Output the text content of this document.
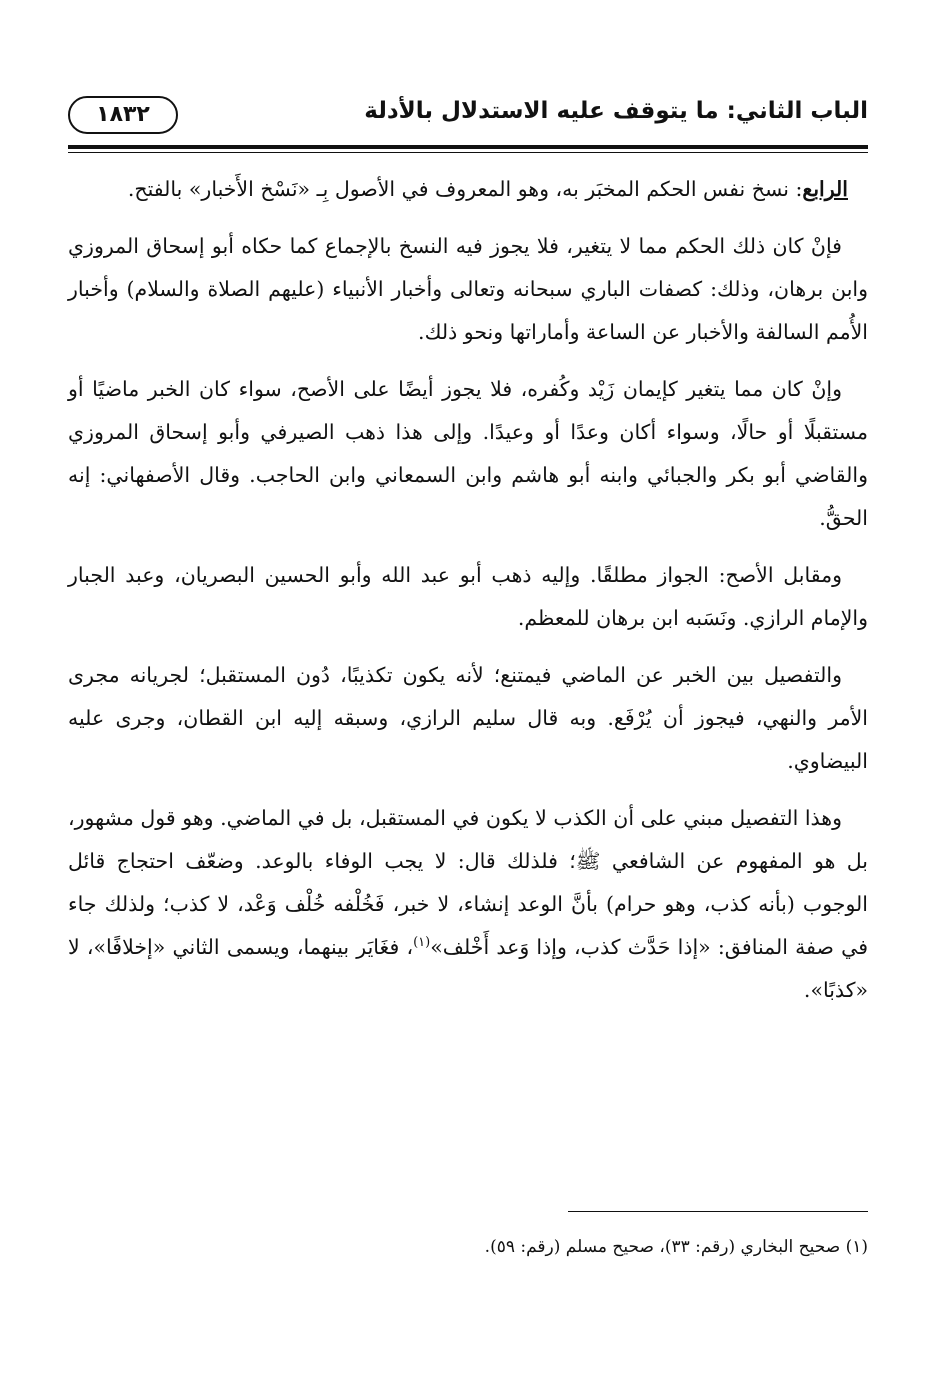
الباب الثاني: ما يتوقف عليه الاستدلال بالأدلة
١٨٣٢

الرابع: نسخ نفس الحكم المخبَر به، وهو المعروف في الأصول بِـ «نَسْخ الأَخبار» بالفتح.

فإنْ كان ذلك الحكم مما لا يتغير، فلا يجوز فيه النسخ بالإجماع كما حكاه أبو إسحاق المروزي وابن برهان، وذلك: كصفات الباري سبحانه وتعالى وأخبار الأنبياء (عليهم الصلاة والسلام) وأخبار الأُمم السالفة والأخبار عن الساعة وأماراتها ونحو ذلك.

وإنْ كان مما يتغير كإيمان زَيْد وكُفره، فلا يجوز أيضًا على الأصح، سواء كان الخبر ماضيًا أو مستقبلًا أو حالًا، وسواء أكان وعدًا أو وعيدًا. وإلى هذا ذهب الصيرفي وأبو إسحاق المروزي والقاضي أبو بكر والجبائي وابنه أبو هاشم وابن السمعاني وابن الحاجب. وقال الأصفهاني: إنه الحقُّ.

ومقابل الأصح: الجواز مطلقًا. وإليه ذهب أبو عبد الله وأبو الحسين البصريان، وعبد الجبار والإمام الرازي. ونَسَبه ابن برهان للمعظم.

والتفصيل بين الخبر عن الماضي فيمتنع؛ لأنه يكون تكذيبًا، دُون المستقبل؛ لجريانه مجرى الأمر والنهي، فيجوز أن يُرْفَع. وبه قال سليم الرازي، وسبقه إليه ابن القطان، وجرى عليه البيضاوي.

وهذا التفصيل مبني على أن الكذب لا يكون في المستقبل، بل في الماضي. وهو قول مشهور، بل هو المفهوم عن الشافعي ﷺ؛ فلذلك قال: لا يجب الوفاء بالوعد. وضعّف احتجاج قائل الوجوب (بأنه كذب، وهو حرام) بأنَّ الوعد إنشاء، لا خبر، فَخُلْفه خُلْف وَعْد، لا كذب؛ ولذلك جاء في صفة المنافق: «إذا حَدَّث كذب، وإذا وَعد أَخْلف»$^{(١)}$، فغَايَر بينهما، ويسمى الثاني «إخلافًا»، لا «كذبًا».

(١) صحيح البخاري (رقم: ٣٣)، صحيح مسلم (رقم: ٥٩).
